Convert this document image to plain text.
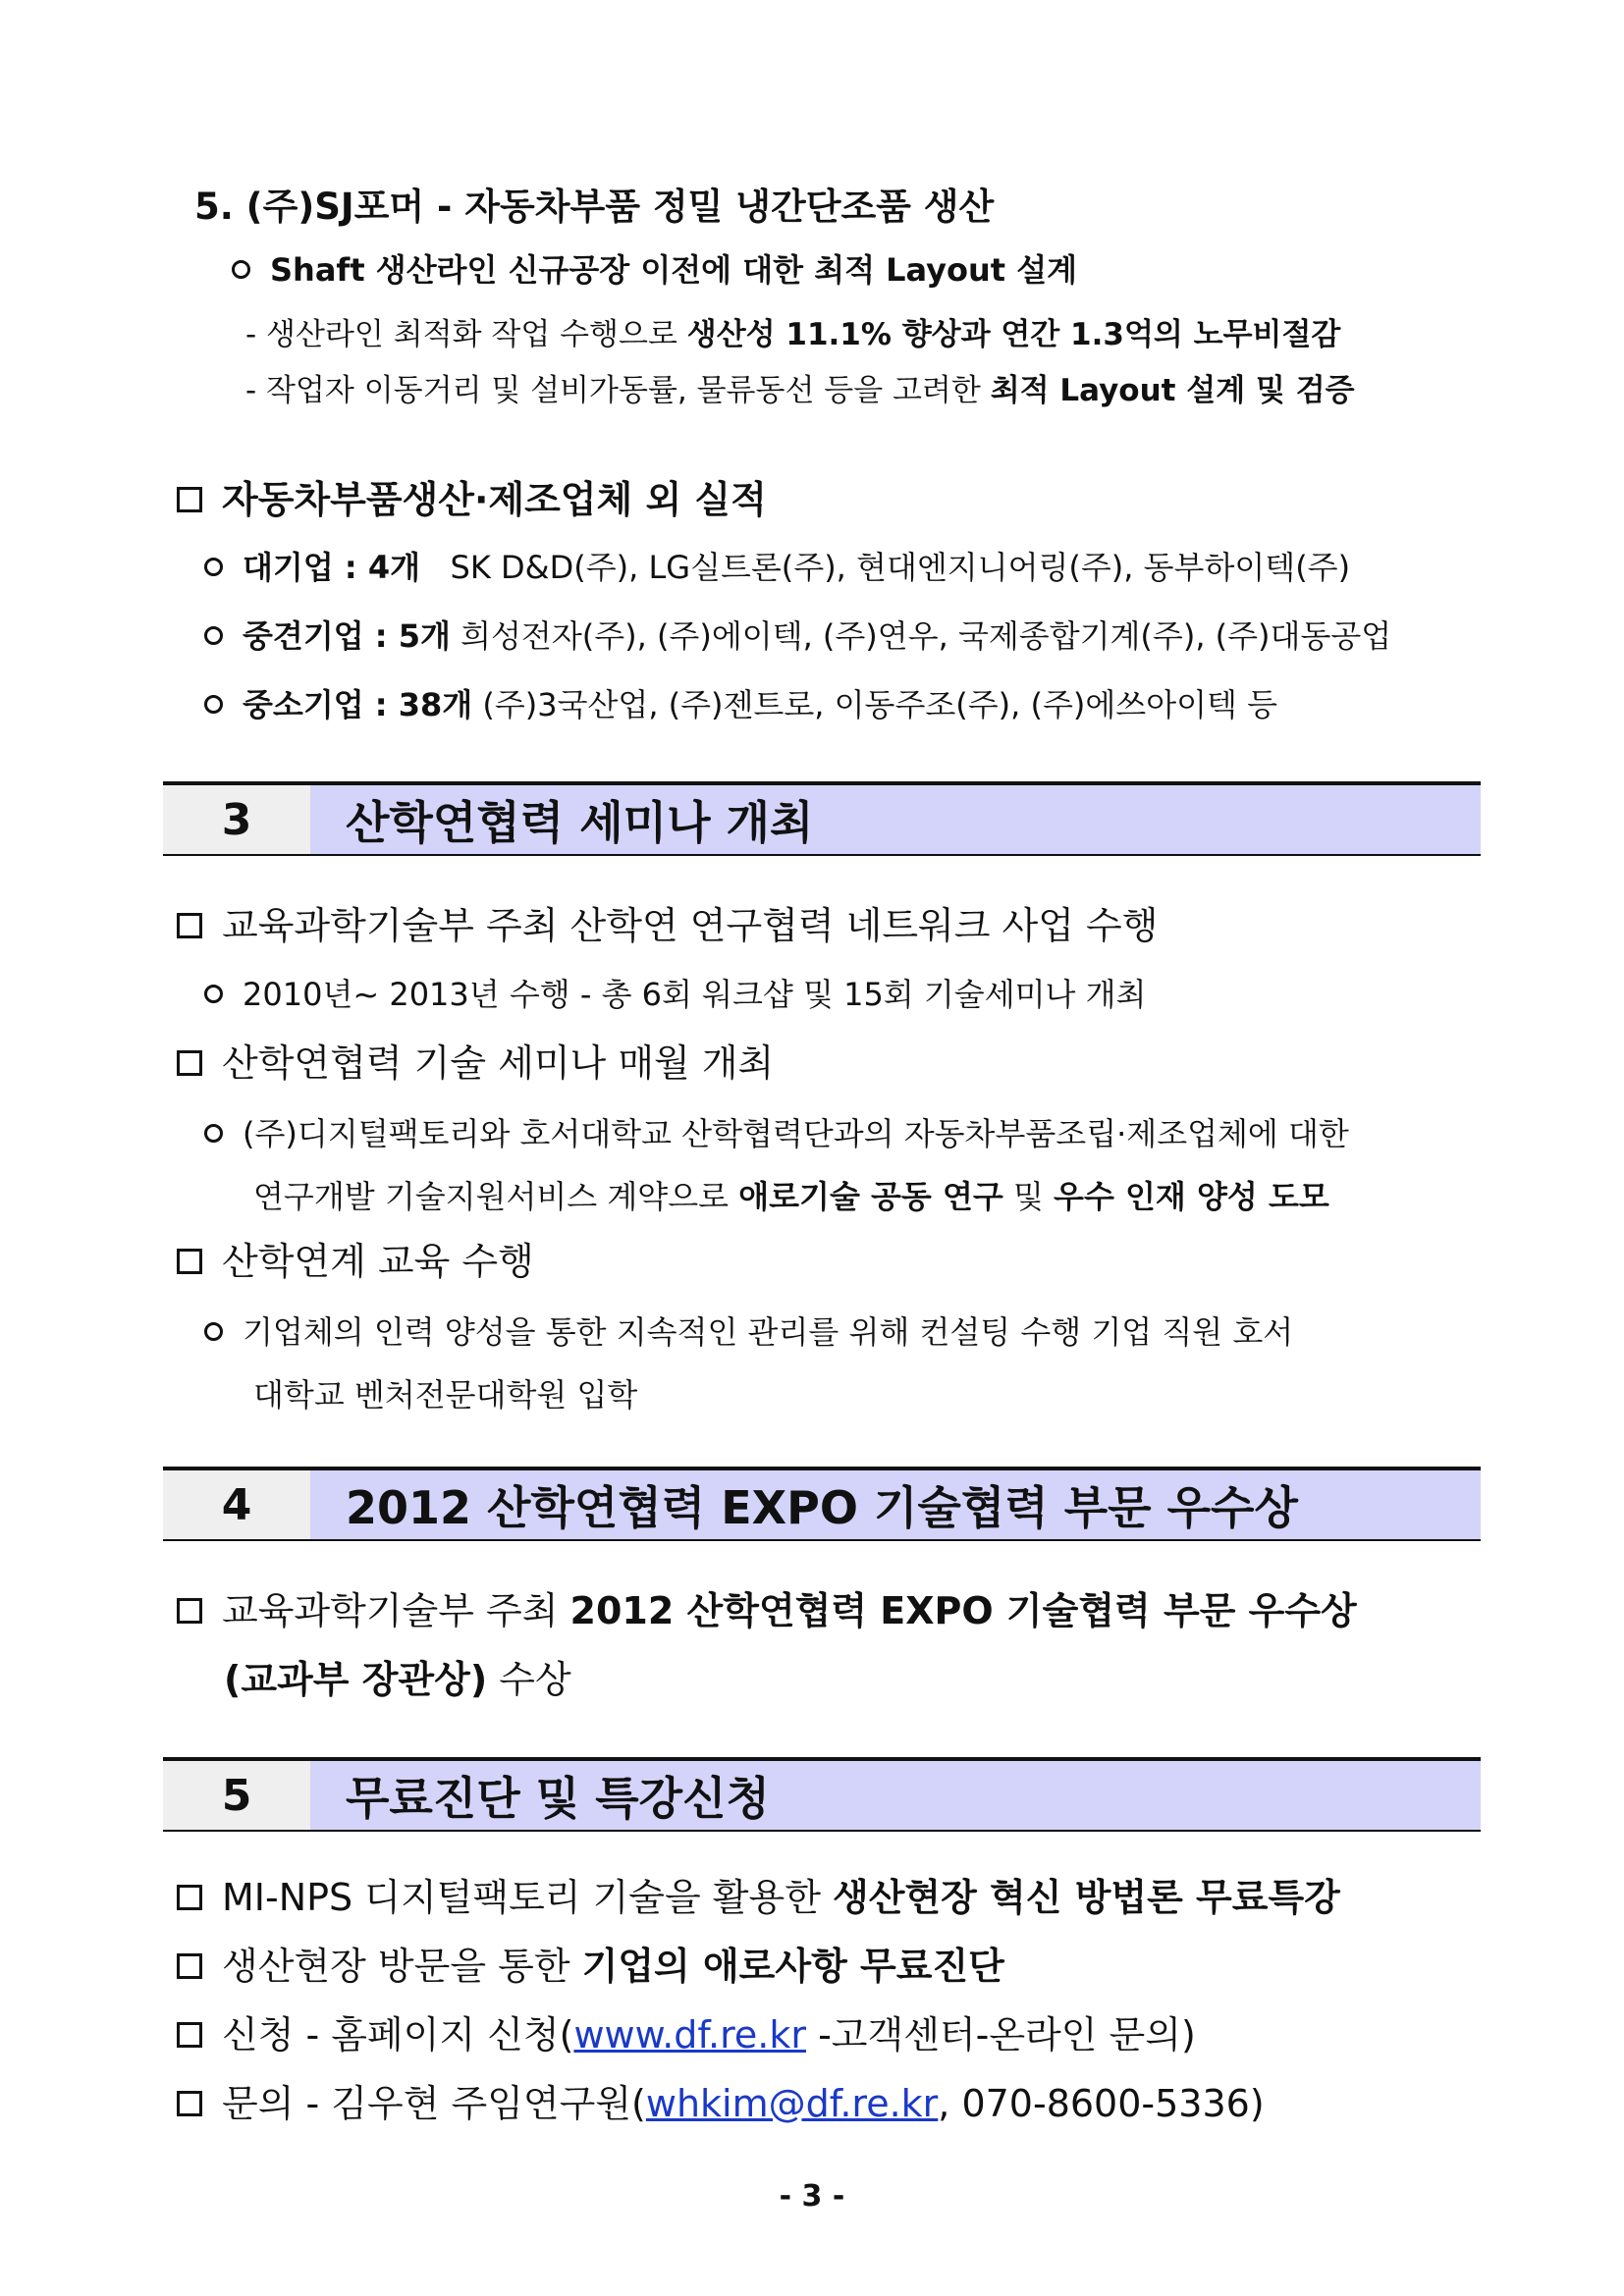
5. (주)SJ포머 - 자동차부품 정밀 냉간단조품 생산
Shaft 생산라인 신규공장 이전에 대한 최적 Layout 설계
- 생산라인 최적화 작업 수행으로 생산성 11.1% 향상과 연간 1.3억의 노무비절감
- 작업자 이동거리 및 설비가동률, 물류동선 등을 고려한 최적 Layout 설계 및 검증
자동차부품생산·제조업체 외 실적
대기업 : 4개 SK D&D(주), LG실트론(주), 현대엔지니어링(주), 동부하이텍(주)
중견기업 : 5개 희성전자(주), (주)에이텍, (주)연우, 국제종합기계(주), (주)대동공업
중소기업 : 38개 (주)3국산업, (주)젠트로, 이동주조(주), (주)에쓰아이텍 등
3	산학연협력 세미나 개최
교육과학기술부 주최 산학연 연구협력 네트워크 사업 수행
2010년~ 2013년 수행 - 총 6회 워크샵 및 15회 기술세미나 개최
산학연협력 기술 세미나 매월 개최
(주)디지털팩토리와 호서대학교 산학협력단과의 자동차부품조립·제조업체에 대한
연구개발 기술지원서비스 계약으로 애로기술 공동 연구 및 우수 인재 양성 도모
산학연계 교육 수행
기업체의 인력 양성을 통한 지속적인 관리를 위해 컨설팅 수행 기업 직원 호서
대학교 벤처전문대학원 입학
4	2012 산학연협력 EXPO 기술협력 부문 우수상
교육과학기술부 주최 2012 산학연협력 EXPO 기술협력 부문 우수상
(교과부 장관상) 수상
5	무료진단 및 특강신청
MI-NPS 디지털팩토리 기술을 활용한 생산현장 혁신 방법론 무료특강
생산현장 방문을 통한 기업의 애로사항 무료진단
신청 - 홈페이지 신청(www.df.re.kr -고객센터-온라인 문의)
문의 - 김우현 주임연구원(whkim@df.re.kr, 070-8600-5336)
- 3 -
